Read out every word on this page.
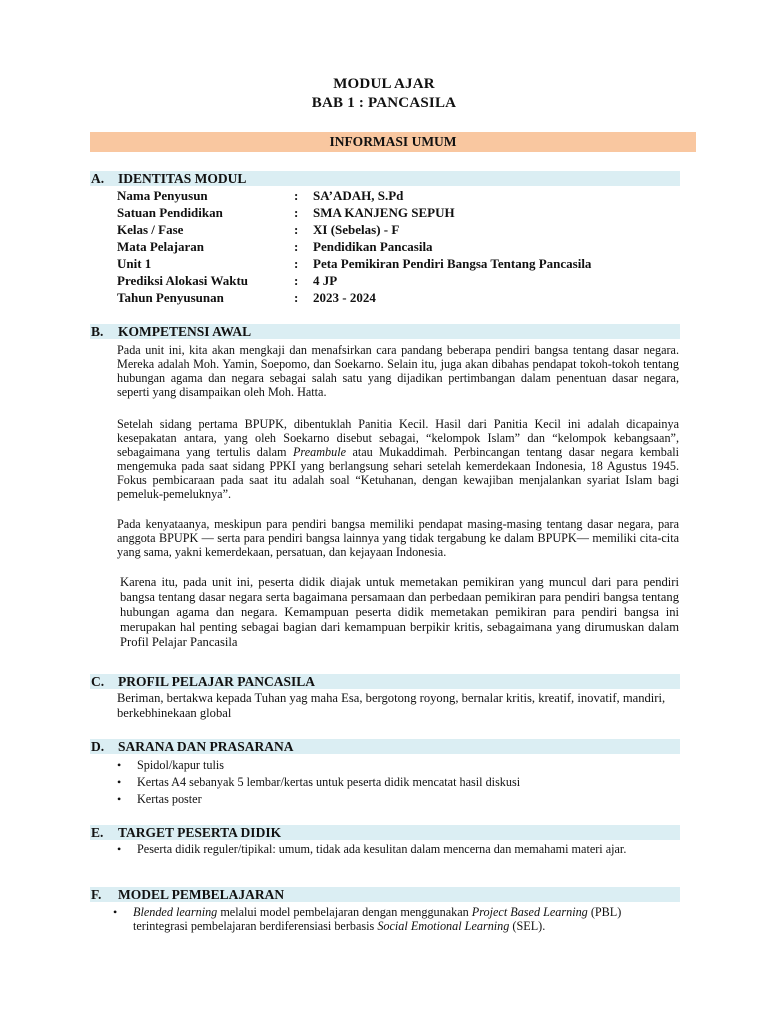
MODUL AJAR
BAB 1 : PANCASILA
INFORMASI UMUM
A. IDENTITAS MODUL
Nama Penyusun	: SA’ADAH, S.Pd
Satuan Pendidikan	: SMA KANJENG SEPUH
Kelas / Fase	: XI (Sebelas) - F
Mata Pelajaran	: Pendidikan Pancasila
Unit 1	: Peta Pemikiran Pendiri Bangsa Tentang Pancasila
Prediksi Alokasi Waktu	: 4 JP
Tahun Penyusunan	: 2023 - 2024
B. KOMPETENSI AWAL
Pada unit ini, kita akan mengkaji dan menafsirkan cara pandang beberapa pendiri bangsa tentang dasar negara. Mereka adalah Moh. Yamin, Soepomo, dan Soekarno. Selain itu, juga akan dibahas pendapat tokoh-tokoh tentang hubungan agama dan negara sebagai salah satu yang dijadikan pertimbangan dalam penentuan dasar negara, seperti yang disampaikan oleh Moh. Hatta.
Setelah sidang pertama BPUPK, dibentuklah Panitia Kecil. Hasil dari Panitia Kecil ini adalah dicapainya kesepakatan antara, yang oleh Soekarno disebut sebagai, “kelompok Islam” dan “kelompok kebangsaan”, sebagaimana yang tertulis dalam Preambule atau Mukaddimah. Perbincangan tentang dasar negara kembali mengemuka pada saat sidang PPKI yang berlangsung sehari setelah kemerdekaan Indonesia, 18 Agustus 1945. Fokus pembicaraan pada saat itu adalah soal “Ketuhanan, dengan kewajiban menjalankan syariat Islam bagi pemeluk-pemeluknya”.
Pada kenyataanya, meskipun para pendiri bangsa memiliki pendapat masing-masing tentang dasar negara, para anggota BPUPK — serta para pendiri bangsa lainnya yang tidak tergabung ke dalam BPUPK— memiliki cita-cita yang sama, yakni kemerdekaan, persatuan, dan kejayaan Indonesia.
Karena itu, pada unit ini, peserta didik diajak untuk memetakan pemikiran yang muncul dari para pendiri bangsa tentang dasar negara serta bagaimana persamaan dan perbedaan pemikiran para pendiri bangsa tentang hubungan agama dan negara. Kemampuan peserta didik memetakan pemikiran para pendiri bangsa ini merupakan hal penting sebagai bagian dari kemampuan berpikir kritis, sebagaimana yang dirumuskan dalam Profil Pelajar Pancasila
C. PROFIL PELAJAR PANCASILA
Beriman, bertakwa kepada Tuhan yag maha Esa, bergotong royong, bernalar kritis, kreatif, inovatif, mandiri, berkebhinekaan global
D. SARANA DAN PRASARANA
• Spidol/kapur tulis
• Kertas A4 sebanyak 5 lembar/kertas untuk peserta didik mencatat hasil diskusi
• Kertas poster
E. TARGET PESERTA DIDIK
• Peserta didik reguler/tipikal: umum, tidak ada kesulitan dalam mencerna dan memahami materi ajar.
F. MODEL PEMBELAJARAN
• Blended learning melalui model pembelajaran dengan menggunakan Project Based Learning (PBL) terintegrasi pembelajaran berdiferensiasi berbasis Social Emotional Learning (SEL).
